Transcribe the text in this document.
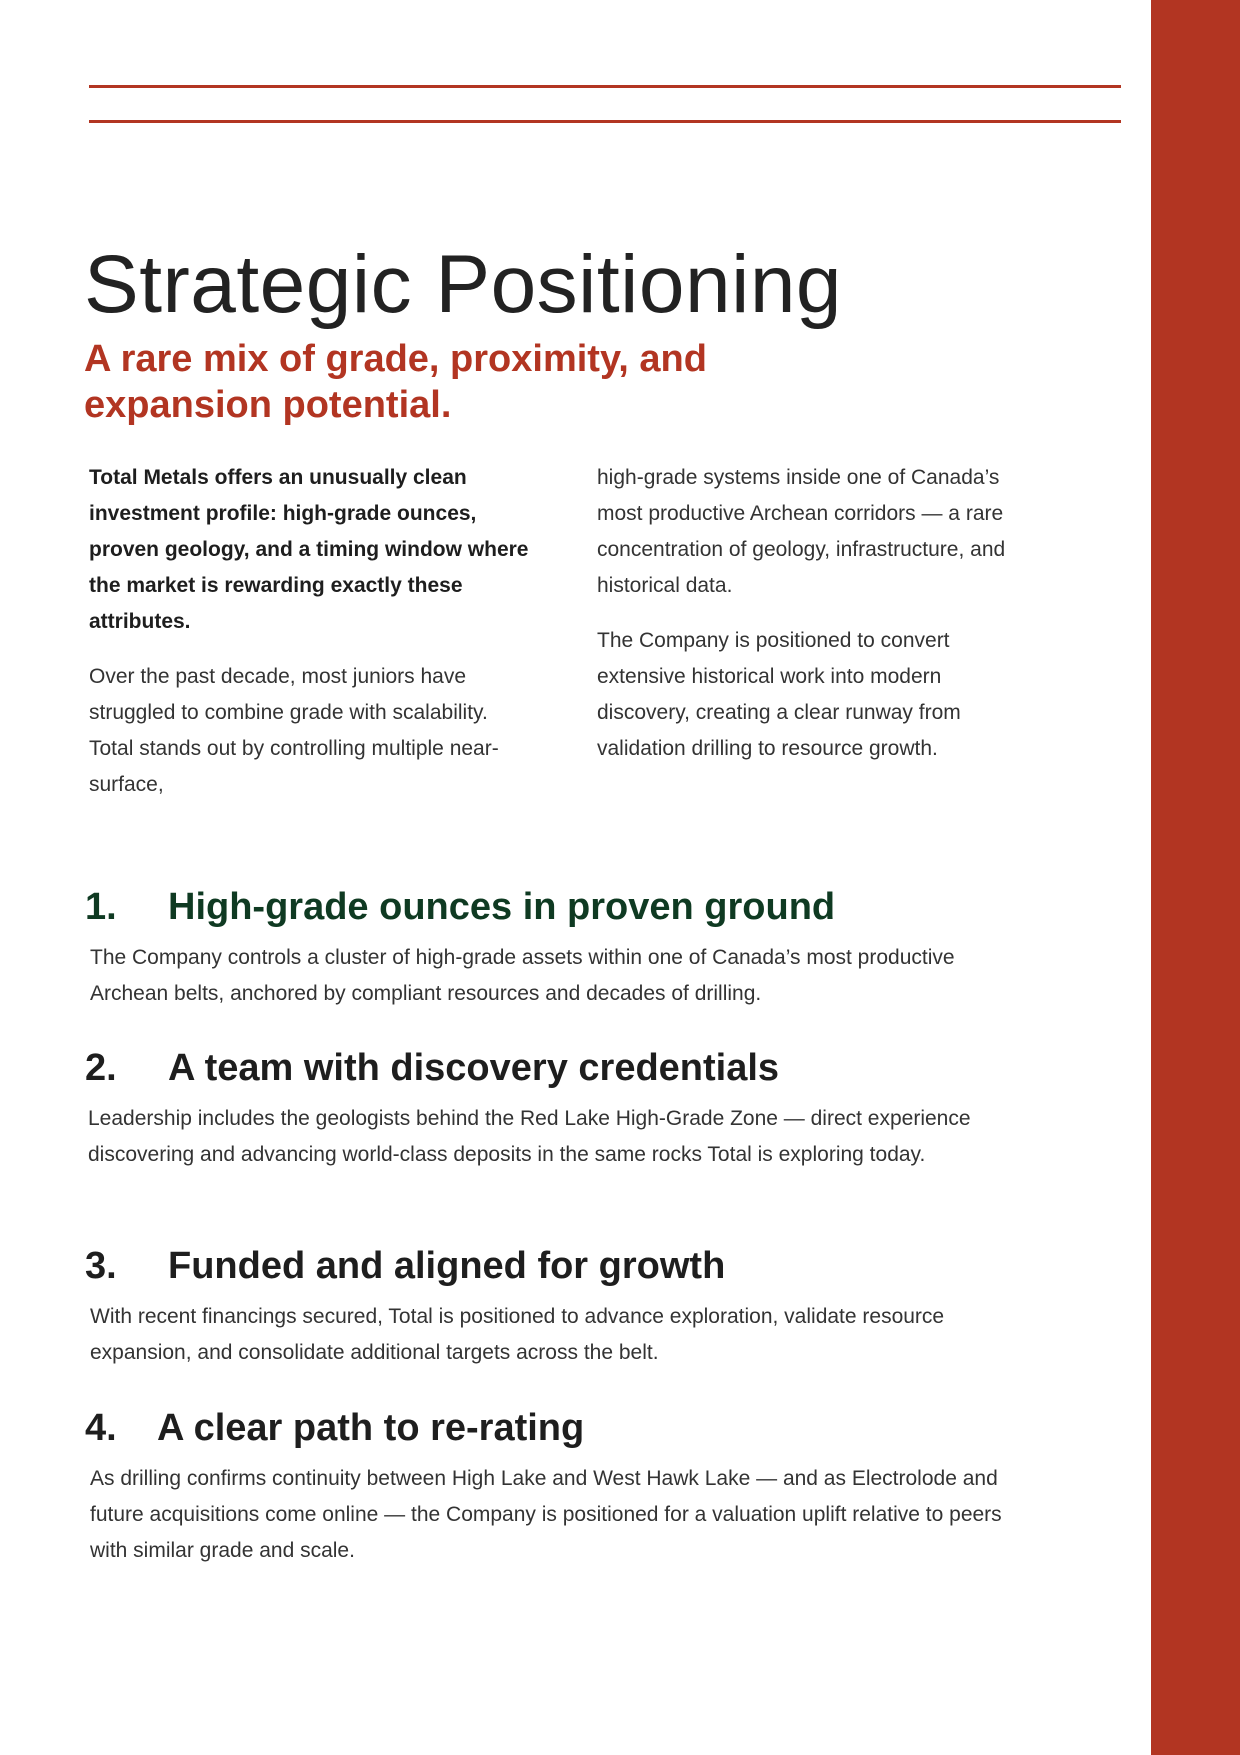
Strategic Positioning
A rare mix of grade, proximity, and expansion potential.

Total Metals offers an unusually clean investment profile: high-grade ounces, proven geology, and a timing window where the market is rewarding exactly these attributes.

Over the past decade, most juniors have struggled to combine grade with scalability. Total stands out by controlling multiple near-surface,

high-grade systems inside one of Canada’s most productive Archean corridors — a rare concentration of geology, infrastructure, and historical data.

The Company is positioned to convert extensive historical work into modern discovery, creating a clear runway from validation drilling to resource growth.

1. High-grade ounces in proven ground

The Company controls a cluster of high-grade assets within one of Canada’s most productive Archean belts, anchored by compliant resources and decades of drilling.

2. A team with discovery credentials

Leadership includes the geologists behind the Red Lake High-Grade Zone — direct experience discovering and advancing world-class deposits in the same rocks Total is exploring today.

3. Funded and aligned for growth

With recent financings secured, Total is positioned to advance exploration, validate resource expansion, and consolidate additional targets across the belt.

4. A clear path to re-rating

As drilling confirms continuity between High Lake and West Hawk Lake — and as Electrolode and future acquisitions come online — the Company is positioned for a valuation uplift relative to peers with similar grade and scale.
